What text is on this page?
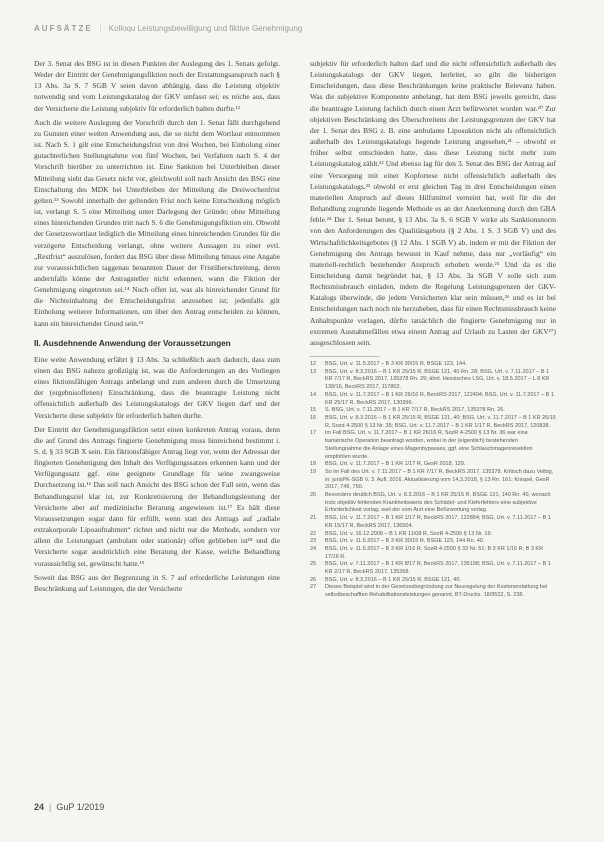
AUFSÄTZE | Kolloqu Leistungsbewilligung und fiktive Genehmigung

Der 3. Senat des BSG ist in diesen Punkten der Auslegung des 1. Senats gefolgt. Weder der Eintritt der Genehmigungsfiktion noch der Erstattungsanspruch nach § 13 Abs. 3a S. 7 SGB V seien davon abhängig, dass die Leistung objektiv notwendig und vom Leistungskatalog der GKV umfasst sei; es reiche aus, dass der Versicherte die Leistung subjektiv für erforderlich halten durfte.¹²

Auch die weitere Auslegung der Vorschrift durch den 1. Senat fällt durchgehend zu Gunsten einer weiten Anwendung aus, die so nicht dem Wortlaut entnommen ist. Nach S. 1 gilt eine Entscheidungsfrist von drei Wochen, bei Einholung einer gutachterlichen Stellungnahme von fünf Wochen, bei Verfahren nach S. 4 der Vorschrift hierüber zu unterrichten ist. Eine Sanktion bei Unterbleiben dieser Mitteilung sieht das Gesetz nicht vor, gleichwohl soll nach Ansicht des BSG eine Einschaltung des MDK bei Unterbleiben der Mitteilung die Dreiwochenfrist gelten.¹³ Sowohl innerhalb der geltenden Frist noch keine Entscheidung möglich ist, verlangt S. 5 eine Mitteilung unter Darlegung der Gründe; ohne Mitteilung eines hinreichenden Grundes tritt nach S. 6 die Genehmigungsfiktion ein. Obwohl der Gesetzeswortlaut lediglich die Mitteilung eines hinreichenden Grundes für die verzögerte Entscheidung verlangt, ohne weitere Aussagen zu einer evtl. „Restfrist“ auszulösen, fordert das BSG über diese Mitteilung hinaus eine Angabe zur voraussichtlichen taggenau benannten Dauer der Fristüberschreitung, deren andernfalls könne der Antragsteller nicht erkennen, wann die Fiktion der Genehmigung eingetreten sei.¹⁴ Noch offen ist, was als hinreichender Grund für die Nichteinhaltung der Entscheidungsfrist anzusehen ist; jedenfalls gilt Einholung weiterer Informationen, um über den Antrag entscheiden zu können, kann ein hinreichender Grund sein.¹⁵

II. Ausdehnende Anwendung der Voraussetzungen

Eine weite Anwendung erfährt § 13 Abs. 3a schließlich auch dadurch, dass zum einen das BSG nahezu großzügig ist, was die Anforderungen an des Vorliegen eines fiktionsfähigen Antrags anbelangt und zum anderen durch die Umsetzung der (ergebnisoffenen) Einschränkung, dass die beantragte Leistung nicht offensichtlich außerhalb des Leistungskatalogs der GKV liegen darf und der Versicherte diese subjektiv für erforderlich halten durfte.

Der Eintritt der Genehmigungsfiktion setzt einen konkreten Antrag voraus, denn die auf Grund des Antrags fingierte Genehmigung muss hinreichend bestimmt i. S. d. § 33 SGB X sein. Ein fiktionsfähiger Antrag liegt vor, wenn der Adressat der fingierten Genehmigung den Inhalt des Verfügungssatzes erkennen kann und der Verfügungssatz ggf. eine geeignete Grundlage für seine zwangsweise Durchsetzung ist.¹⁶ Das soll nach Ansicht des BSG schon der Fall sein, wenn das Behandlungsziel klar ist, zur Konkretisierung der Behandlungsleistung der Versicherte aber auf medizinische Beratung angewiesen ist.¹⁷ Es hält diese Voraussetzungen sogar dann für erfüllt, wenn statt des Antrags auf „radiale extrakorporale Lipoaufnahmen“ richtet und nicht nur die Methode, sondern vor allem die Leistungsart (ambulant oder stationär) offen geblieben ist¹⁸ und die Versicherte sogar ausdrücklich eine Beratung der Kasse, welche Behandlung voraussichtlig sei, gewünscht hatte.¹⁹

Soweit das BSG aus der Begrenzung in S. 7 auf erforderliche Leistungen eine Beschränkung auf Leistungen, die der Versicherte

subjektiv für erforderlich halten darf und die nicht offensichtlich außerhalb des Leistungskatalogs der GKV liegen, herleitet, so gibt die bisherigen Entscheidungen, dass diese Beschränkungen keine praktische Relevanz haben. Was die subjektive Komponente anbelangt, hat dem BSG jeweils gereicht, dass die beantragte Leistung fachlich durch einen Arzt befürwortet worden war.²⁰ Zur objektiven Beschränkung des Überschreitens der Leistungsgrenzen der GKV hat der 1. Senat des BSG z. B. eine ambulante Liposuktion nicht als offensichtlich außerhalb des Leistungskatalogs liegende Leistung angesehen,²¹ – obwohl er früher selbst entschieden hatte, dass diese Leistung nicht mehr zum Leistungskatalog zählt.²² Und ebenso lag für den 3. Senat des BSG der Antrag auf eine Versorgung mit einer Kopfortese nicht offensichtlich außerhalb des Leistungskatalogs,²³ obwohl er erst gleichen Tag in drei Entscheidungen einen materiellen Anspruch auf dieses Hilfsmittel verneint hat, weil für die der Behandlung zugrunde liegende Methode es an der Anerkennung durch den GBA fehle.²⁴ Der 1. Senat betont, § 13 Abs. 3a S. 6 SGB V wirke als Sanktionsnorm von den Anforderungen des Qualitätsgebots (§ 2 Abs. 1 S. 3 SGB V) und des Wirtschaftlichkeitsgebotes (§ 12 Abs. 1 SGB V) ab, indem er mit der Fiktion der Genehmigung des Antrags bewusst in Kauf nehme, dass nur „vorläufig“ ein materiell-rechtlich bestehender Anspruch erhoben werde.²⁵ Und da es die Entscheidung damit begründet hat, § 13 Abs. 3a SGB V solle sich zum Rechtsmissbrauch einladen, indem die Regelung Leistungsgrenzen der GKV-Katalogs überwinde, die jedem Versicherten klar sein müssen,²⁶ und es ist bei Entscheidungen nach noch nie herzuheben, dass für einen Rechtsmissbrauch keine Anhaltspunkte vorlagen, dürfte tatsächlich die fingierte Genehmigung nur in extremen Ausnahmefällen etwa einem Antrag auf Urlaub zu Lasten der GKV²⁷) ausgeschlossen sein.

12	BSG, Urt. v. 11.5.2017 – B 3 KR 30/15 R, BSGE 123, 144.
13	BSG, Urt. v. 8.3.2016 – B 1 KR 25/15 R, BSGE 121, 40 Rn. 28; BSG, Urt. v. 7.11.2017 – B 1 KR 7/17 R, BeckRS 2017, 135378 Rn. 29; ähnl. Hessisches LSG, Urt. v. 18.5.2017 – L 8 KR 138/16, BeckRS 2017, 117802.
14	BSG, Urt. v. 11.7.2017 – B 1 KR 26/16 R, BeckRS 2017, 122494; BSG, Urt. v. 11.7.2017 – B 1 KR 25/17 R, BeckRS 2017, 130996.
15	S. BSG, Urt. v. 7.11.2017 – B 1 KR 7/17 R, BeckRS 2017, 135378 Rn. 26.
16	BSG, Urt. v. 8.3.2016 – B 1 KR 25/15 R, BSGE 121, 40; BSG, Urt. v. 11.7.2017 – B 1 KR 26/16 R, Sozd 4-2500 § 13 Nr. 35; BSG, Urt. v. 11.7.2017 – B 1 KR 1/17 R, BeckRS 2017, 120838.
17	Im Fall BSG, Urt. v. 11.7.2017 – B 1 KR 26/16 R, SozR 4-2500 § 13 Nr. 36 war eine bariatrische Operation beantragt worden, wobei in der (eigentlich) bestehenden Stellungnahme die Anlage eines Magenbypasses, ggf. eine Schlauchmagenresektion empfohlen wurde.
18	BSG, Urt. v. 11.7.2017 – B 1 KR 1/17 R, GesR 2018, 129.
19	So im Fall des Urt. v. 7.11.2017 – B 1 KR 7/17 R, BeckRS 2017, 135378. Kritisch dazu Velbig, in: jurisPK-SGB V, 3. Aufl. 2016, Aktualisierung vom 14.3.2018, § 13 Rn. 161; Knispel, GesR 2017, 749, 750.
20	Besonders deutlich BSG, Urt. v. 8.3.2016 – B 1 KR 25/15 R, BSGE 121, 140 Rn. 40, wonach trotz objektiv fehlenden Krankheitswerts des Schädel- und Kieferfehlers eine subjektive Erforderlichkeit vorlag, weil der vom Arzt eine Befürwortung vorlag.
21	BSG, Urt. v. 11.7.2017 – B 1 KR 1/17 R, BeckRS 2017, 122884; BSG, Urt. v. 7.11.2017 – B 1 KR 15/17 R, BeckRS 2017, 136504.
22	BSG, Urt. v. 16.12.2008 – B 1 KR 11/08 R, SozR 4-2500 § 13 Nr. 19.
23	BSG, Urt. v. 11.5.2017 – B 3 KR 30/15 R, BSGE 123, 144 Rn. 40.
24	BSG, Urt. v. 11.5.2017 – B 3 KR 1/16 R, SozR 4-2500 § 33 Nr. 51; B 3 KR 1/16 R; B 3 KR 17/16 R.
25	BSG, Urt. v. 7.11.2017 – B 1 KR 8/17 R, BeckRS 2017, 135198; BSG, Urt. v. 7.11.2017 – B 1 KR 2/17 R, BeckRS 2017, 135368.
26	BSG, Urt. v. 8.3.2016 – B 1 KR 25/15 R, BSGE 121, 40.
27	Dieses Beispiel wird in der Gesetzesbegründung zur Neuregelung der Kostenerstattung bei selbstbeschafften Rehabilitationsleistungen genannt, BT-Drucks. 18/9522, S. 238.
24 | GuP 1/2019
